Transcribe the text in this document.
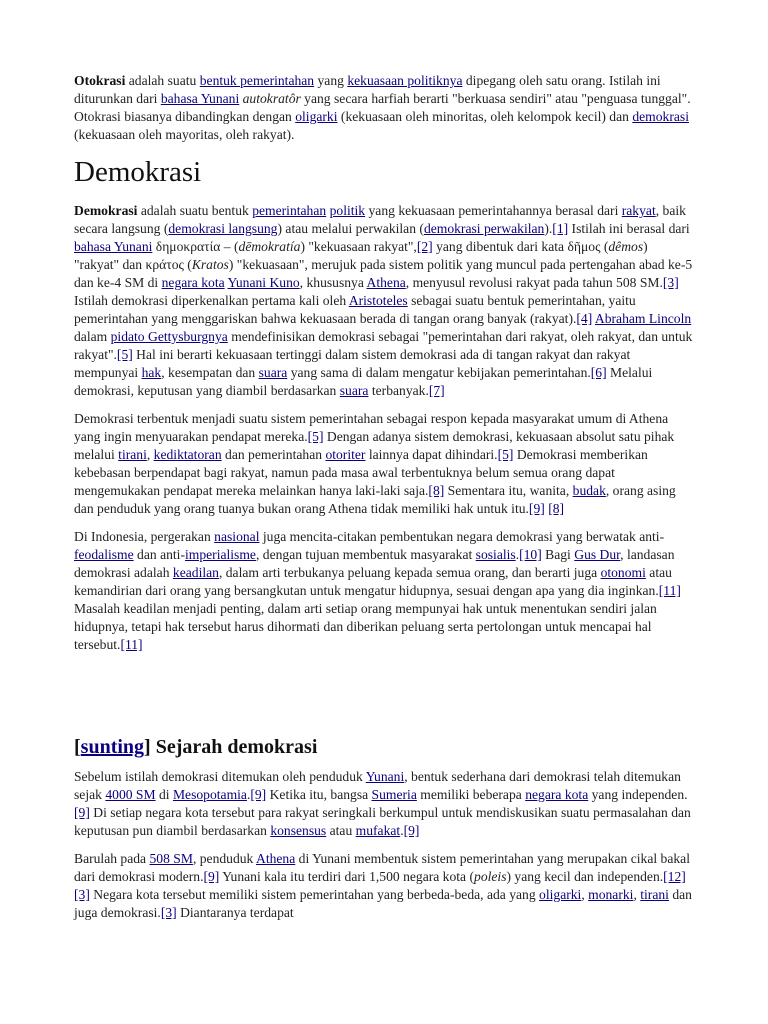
Otokrasi adalah suatu bentuk pemerintahan yang kekuasaan politiknya dipegang oleh satu orang. Istilah ini diturunkan dari bahasa Yunani autokratôr yang secara harfiah berarti "berkuasa sendiri" atau "penguasa tunggal". Otokrasi biasanya dibandingkan dengan oligarki (kekuasaan oleh minoritas, oleh kelompok kecil) dan demokrasi (kekuasaan oleh mayoritas, oleh rakyat).

Demokrasi

Demokrasi adalah suatu bentuk pemerintahan politik yang kekuasaan pemerintahannya berasal dari rakyat, baik secara langsung (demokrasi langsung) atau melalui perwakilan (demokrasi perwakilan).[1] Istilah ini berasal dari bahasa Yunani δημοκρατία – (dēmokratía) "kekuasaan rakyat",[2] yang dibentuk dari kata δῆμος (dêmos) "rakyat" dan κράτος (Kratos) "kekuasaan", merujuk pada sistem politik yang muncul pada pertengahan abad ke-5 dan ke-4 SM di negara kota Yunani Kuno, khususnya Athena, menyusul revolusi rakyat pada tahun 508 SM.[3] Istilah demokrasi diperkenalkan pertama kali oleh Aristoteles sebagai suatu bentuk pemerintahan, yaitu pemerintahan yang menggariskan bahwa kekuasaan berada di tangan orang banyak (rakyat).[4] Abraham Lincoln dalam pidato Gettysburgnya mendefinisikan demokrasi sebagai "pemerintahan dari rakyat, oleh rakyat, dan untuk rakyat".[5] Hal ini berarti kekuasaan tertinggi dalam sistem demokrasi ada di tangan rakyat dan rakyat mempunyai hak, kesempatan dan suara yang sama di dalam mengatur kebijakan pemerintahan.[6] Melalui demokrasi, keputusan yang diambil berdasarkan suara terbanyak.[7]

Demokrasi terbentuk menjadi suatu sistem pemerintahan sebagai respon kepada masyarakat umum di Athena yang ingin menyuarakan pendapat mereka.[5] Dengan adanya sistem demokrasi, kekuasaan absolut satu pihak melalui tirani, kediktatoran dan pemerintahan otoriter lainnya dapat dihindari.[5] Demokrasi memberikan kebebasan berpendapat bagi rakyat, namun pada masa awal terbentuknya belum semua orang dapat mengemukakan pendapat mereka melainkan hanya laki-laki saja.[8] Sementara itu, wanita, budak, orang asing dan penduduk yang orang tuanya bukan orang Athena tidak memiliki hak untuk itu.[9] [8]

Di Indonesia, pergerakan nasional juga mencita-citakan pembentukan negara demokrasi yang berwatak anti-feodalisme dan anti-imperialisme, dengan tujuan membentuk masyarakat sosialis.[10] Bagi Gus Dur, landasan demokrasi adalah keadilan, dalam arti terbukanya peluang kepada semua orang, dan berarti juga otonomi atau kemandirian dari orang yang bersangkutan untuk mengatur hidupnya, sesuai dengan apa yang dia inginkan.[11] Masalah keadilan menjadi penting, dalam arti setiap orang mempunyai hak untuk menentukan sendiri jalan hidupnya, tetapi hak tersebut harus dihormati dan diberikan peluang serta pertolongan untuk mencapai hal tersebut.[11]

[sunting] Sejarah demokrasi

Sebelum istilah demokrasi ditemukan oleh penduduk Yunani, bentuk sederhana dari demokrasi telah ditemukan sejak 4000 SM di Mesopotamia.[9] Ketika itu, bangsa Sumeria memiliki beberapa negara kota yang independen.[9] Di setiap negara kota tersebut para rakyat seringkali berkumpul untuk mendiskusikan suatu permasalahan dan keputusan pun diambil berdasarkan konsensus atau mufakat.[9]

Barulah pada 508 SM, penduduk Athena di Yunani membentuk sistem pemerintahan yang merupakan cikal bakal dari demokrasi modern.[9] Yunani kala itu terdiri dari 1,500 negara kota (poleis) yang kecil dan independen.[12] [3] Negara kota tersebut memiliki sistem pemerintahan yang berbeda-beda, ada yang oligarki, monarki, tirani dan juga demokrasi.[3] Diantaranya terdapat
